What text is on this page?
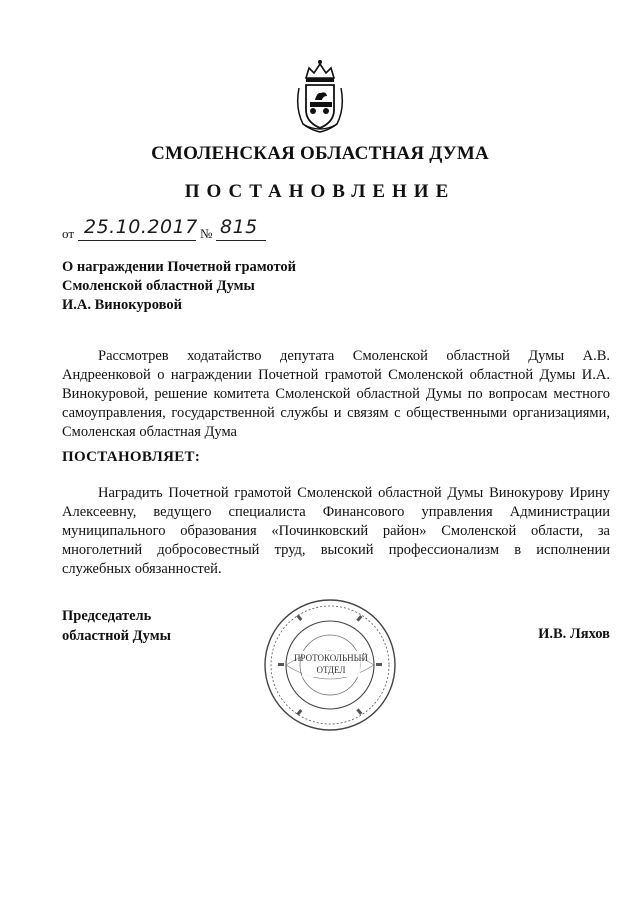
СМОЛЕНСКАЯ ОБЛАСТНАЯ ДУМА
ПОСТАНОВЛЕНИЕ
от 25.10.2017 № 815
О награждении Почетной грамотой
Смоленской областной Думы
И.А. Винокуровой
Рассмотрев ходатайство депутата Смоленской областной Думы А.В. Андреенковой о награждении Почетной грамотой Смоленской областной Думы И.А. Винокуровой, решение комитета Смоленской областной Думы по вопросам местного самоуправления, государственной службы и связям с общественными организациями, Смоленская областная Дума
ПОСТАНОВЛЯЕТ:
Наградить Почетной грамотой Смоленской областной Думы Винокурову Ирину Алексеевну, ведущего специалиста Финансового управления Администрации муниципального образования «Починковский район» Смоленской области, за многолетний добросовестный труд, высокий профессионализм в исполнении служебных обязанностей.
Председатель
областной Думы
ПРОТОКОЛЬНЫЙ
ОТДЕЛ
И.В. Ляхов
